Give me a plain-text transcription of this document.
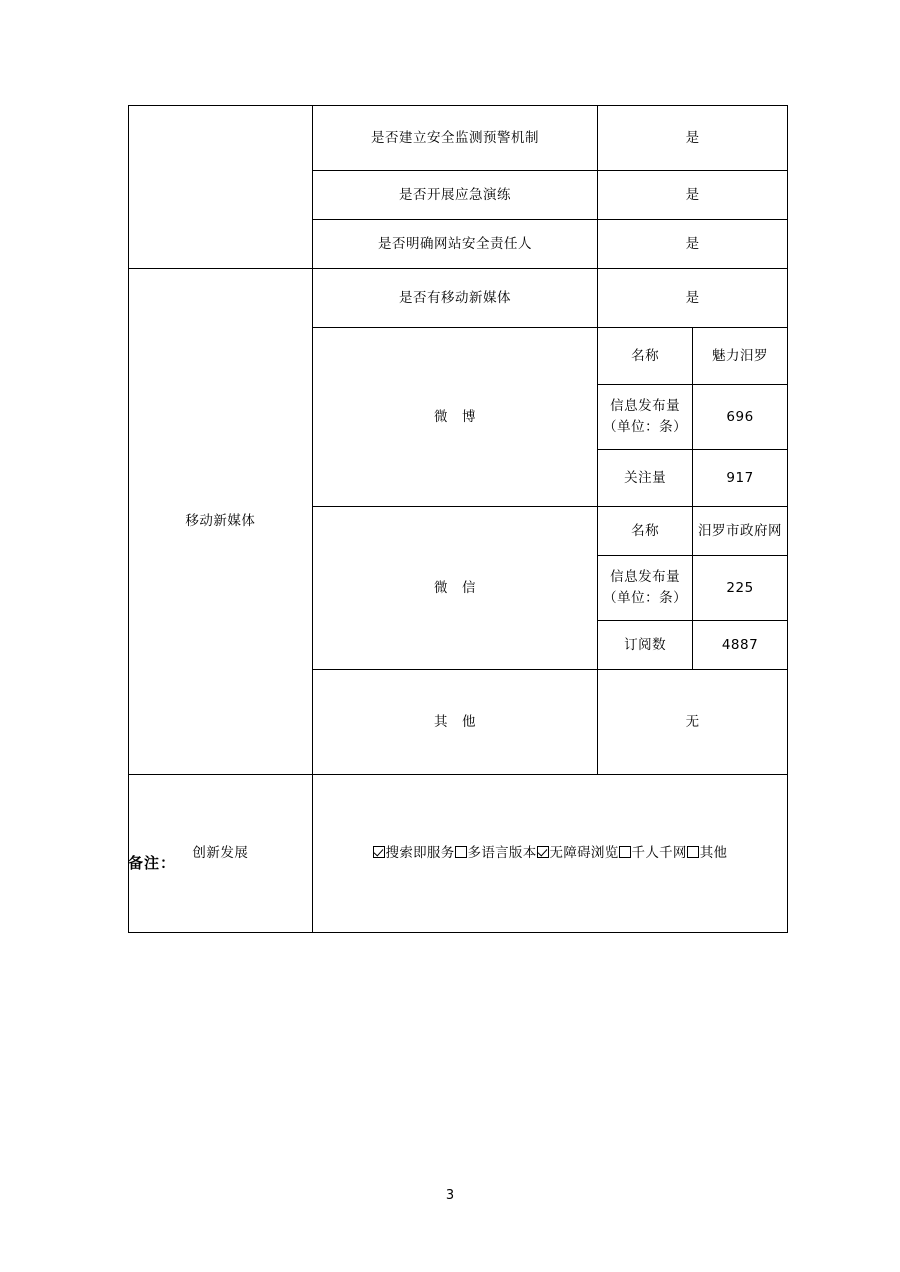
	是否建立安全监测预警机制	是	
	是否开展应急演练	是	
	是否明确网站安全责任人	是	
移动新媒体	是否有移动新媒体	是	
	微　博	名称	魅力汨罗
		信息发布量（单位：条）	696
		关注量	917
	微　信	名称	汨罗市政府网
		信息发布量（单位：条）	225
		订阅数	4887
	其　他	无	
创新发展	搜索即服务 多语言版本 无障碍浏览 千人千网 其他		
备注：
3
